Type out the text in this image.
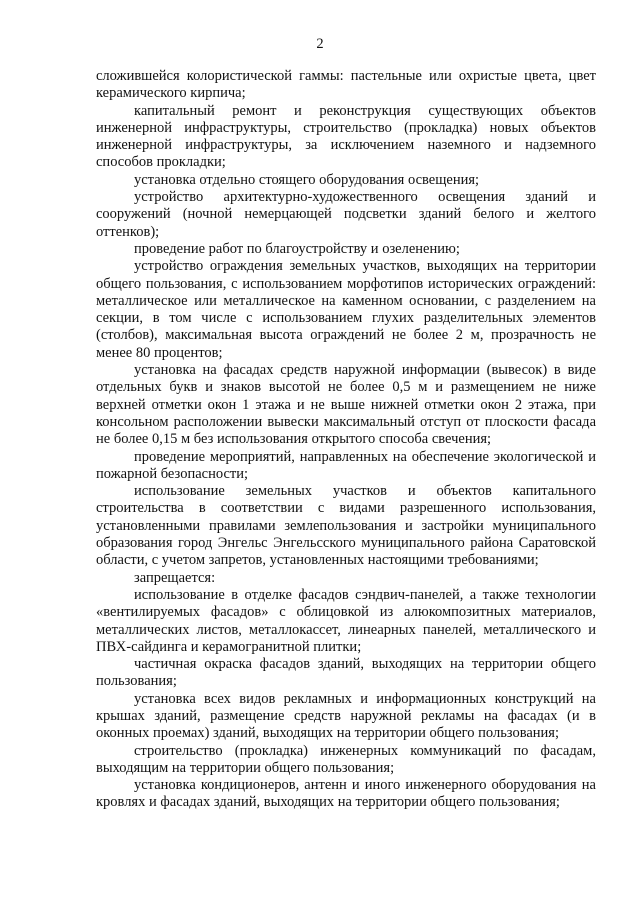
2

сложившейся колористической гаммы: пастельные или охристые цвета, цвет керамического кирпича;

капитальный ремонт и реконструкция существующих объектов инженерной инфраструктуры, строительство (прокладка) новых объектов инженерной инфраструктуры, за исключением наземного и надземного способов прокладки;

установка отдельно стоящего оборудования освещения;

устройство архитектурно-художественного освещения зданий и сооружений (ночной немерцающей подсветки зданий белого и желтого оттенков);

проведение работ по благоустройству и озеленению;

устройство ограждения земельных участков, выходящих на территории общего пользования, с использованием морфотипов исторических ограждений: металлическое или металлическое на каменном основании, с разделением на секции, в том числе с использованием глухих разделительных элементов (столбов), максимальная высота ограждений не более 2 м, прозрачность не менее 80 процентов;

установка на фасадах средств наружной информации (вывесок) в виде отдельных букв и знаков высотой не более 0,5 м и размещением не ниже верхней отметки окон 1 этажа и не выше нижней отметки окон 2 этажа, при консольном расположении вывески максимальный отступ от плоскости фасада не более 0,15 м без использования открытого способа свечения;

проведение мероприятий, направленных на обеспечение экологической и пожарной безопасности;

использование земельных участков и объектов капитального строительства в соответствии с видами разрешенного использования, установленными правилами землепользования и застройки муниципального образования город Энгельс Энгельсского муниципального района Саратовской области, с учетом запретов, установленных настоящими требованиями;

запрещается:

использование в отделке фасадов сэндвич-панелей, а также технологии «вентилируемых фасадов» с облицовкой из алюкомпозитных материалов, металлических листов, металлокассет, линеарных панелей, металлического и ПВХ-сайдинга и керамогранитной плитки;

частичная окраска фасадов зданий, выходящих на территории общего пользования;

установка всех видов рекламных и информационных конструкций на крышах зданий, размещение средств наружной рекламы на фасадах (и в оконных проемах) зданий, выходящих на территории общего пользования;

строительство (прокладка) инженерных коммуникаций по фасадам, выходящим на территории общего пользования;

установка кондиционеров, антенн и иного инженерного оборудования на кровлях и фасадах зданий, выходящих на территории общего пользования;
